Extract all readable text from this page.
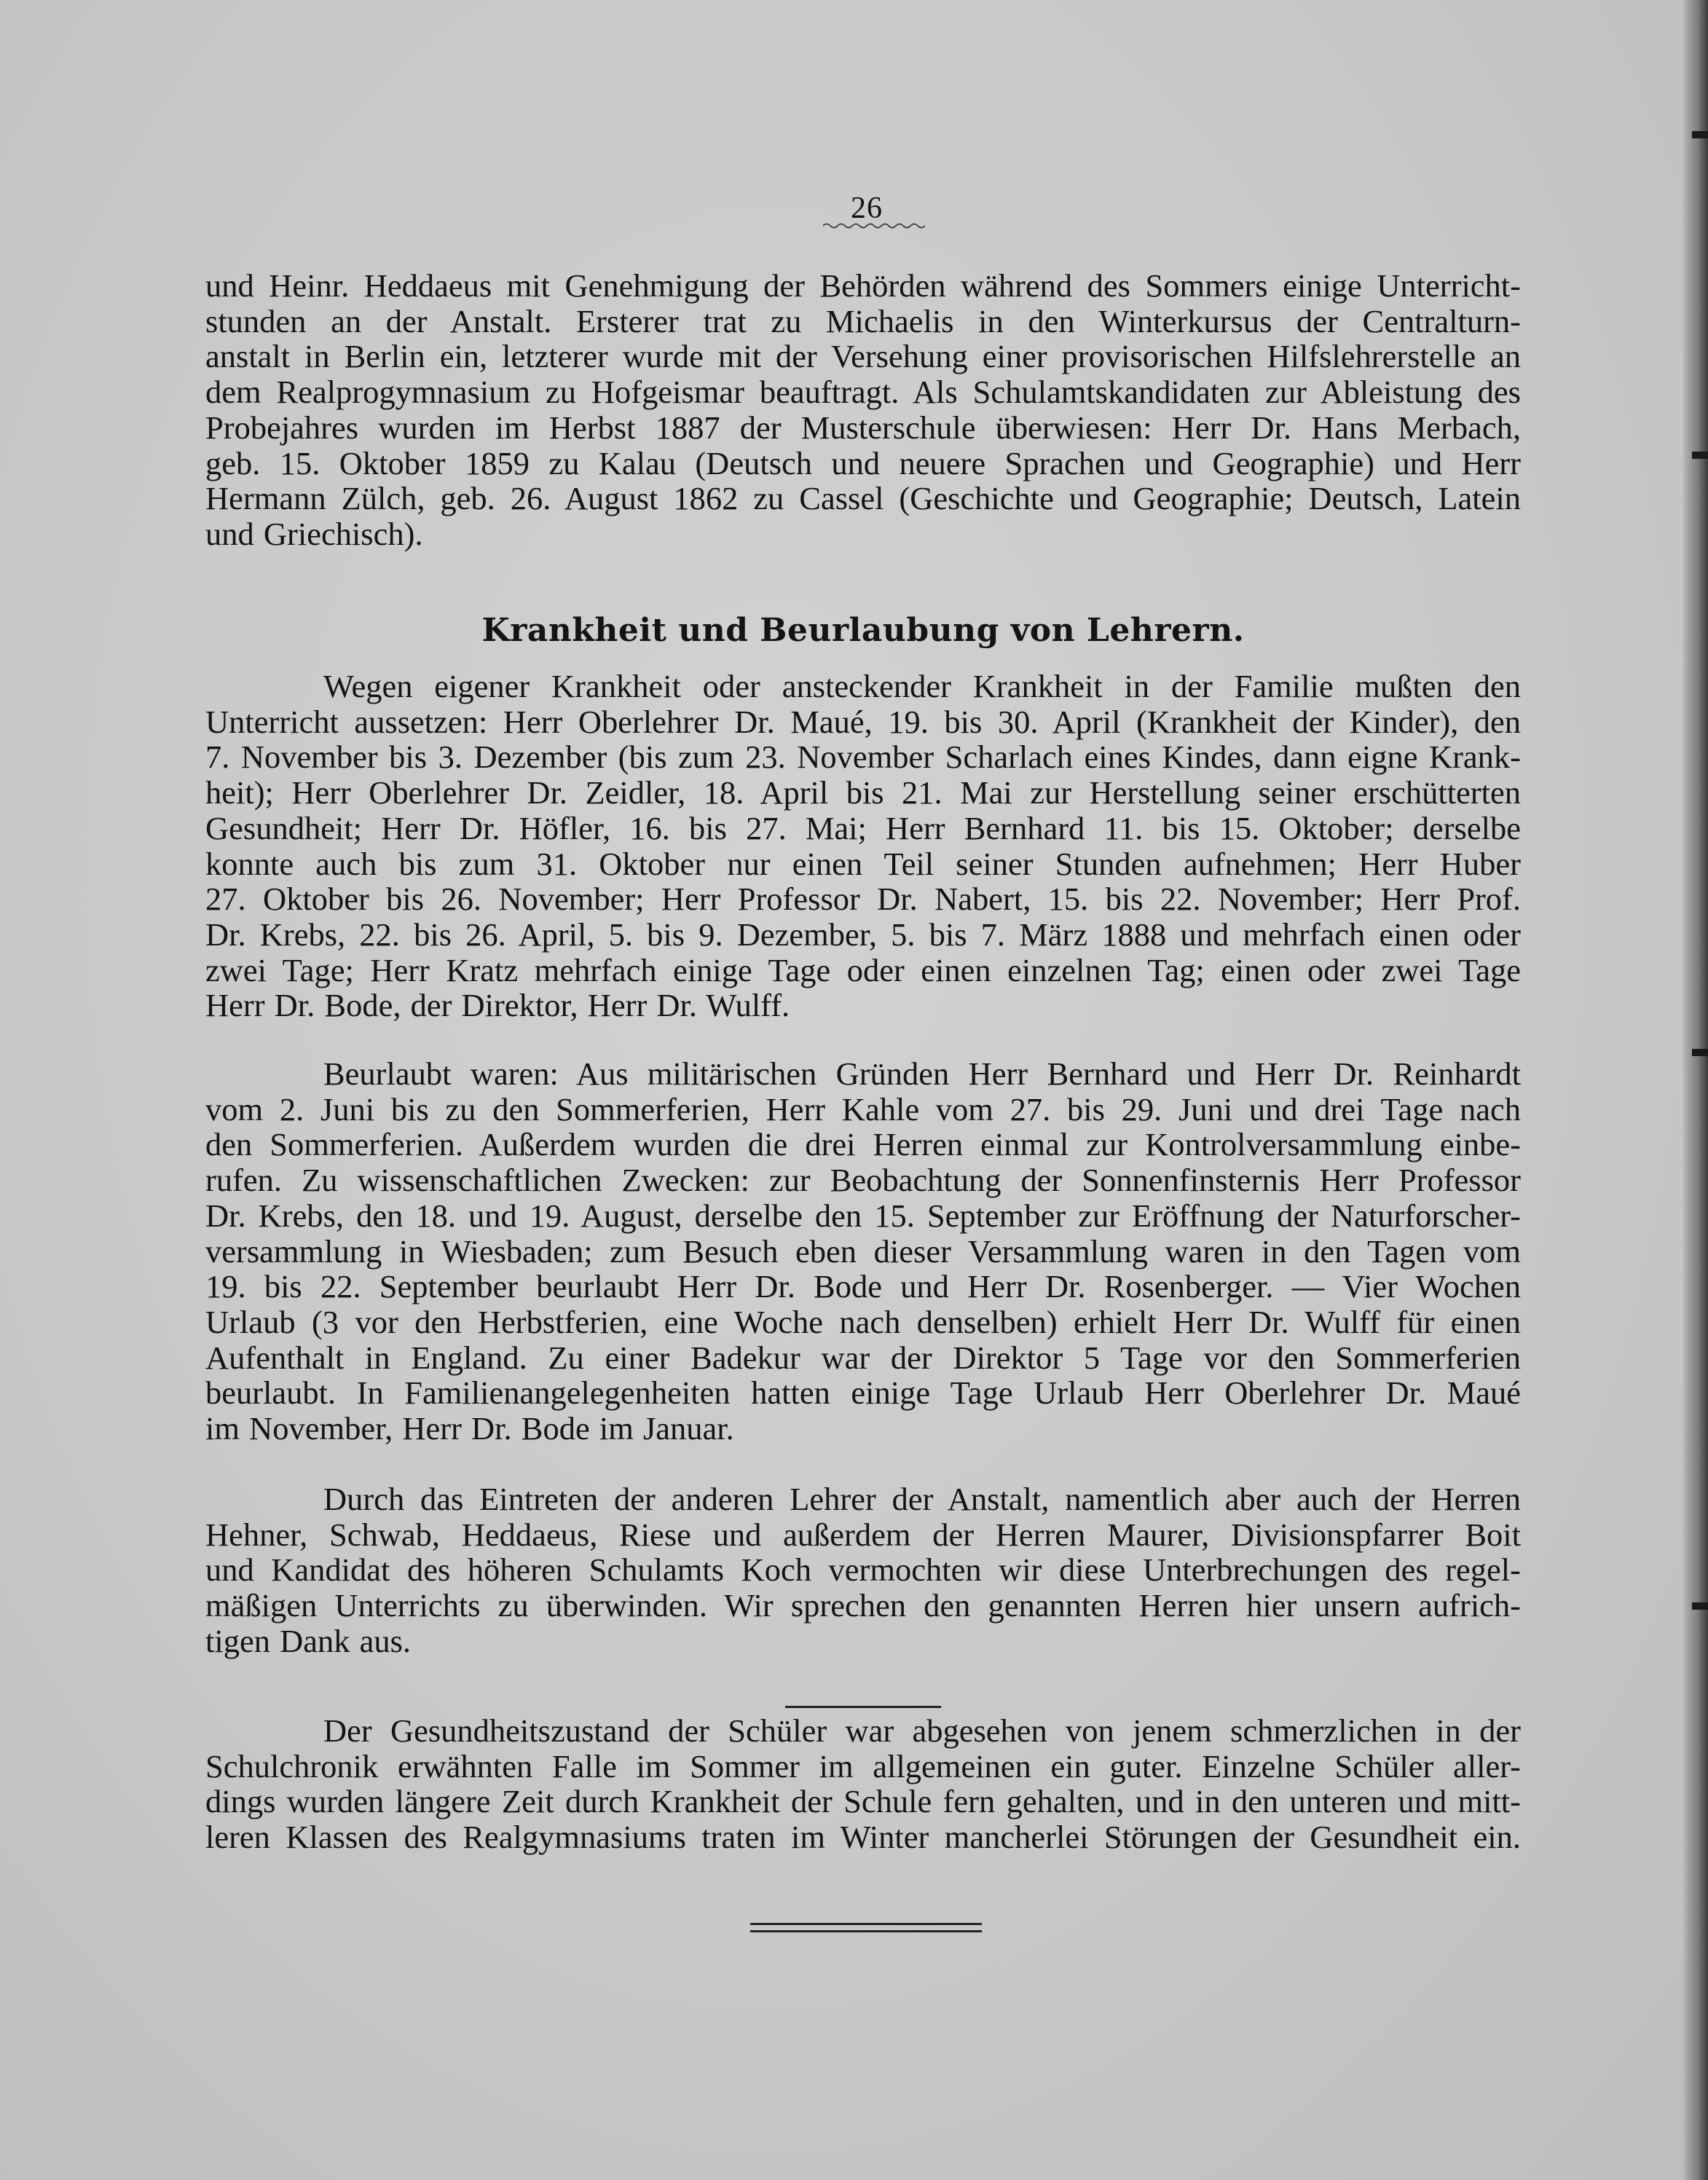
26
und Heinr. Heddaeus mit Genehmigung der Behörden während des Sommers einige Unterricht-
stunden an der Anstalt. Ersterer trat zu Michaelis in den Winterkursus der Centralturn-
anstalt in Berlin ein, letzterer wurde mit der Versehung einer provisorischen Hilfslehrerstelle an
dem Realprogymnasium zu Hofgeismar beauftragt. Als Schulamtskandidaten zur Ableistung des
Probejahres wurden im Herbst 1887 der Musterschule überwiesen: Herr Dr. Hans Merbach,
geb. 15. Oktober 1859 zu Kalau (Deutsch und neuere Sprachen und Geographie) und Herr
Hermann Zülch, geb. 26. August 1862 zu Cassel (Geschichte und Geographie; Deutsch, Latein
und Griechisch).
Krankheit und Beurlaubung von Lehrern.
Wegen eigener Krankheit oder ansteckender Krankheit in der Familie mußten den
Unterricht aussetzen: Herr Oberlehrer Dr. Maué, 19. bis 30. April (Krankheit der Kinder), den
7. November bis 3. Dezember (bis zum 23. November Scharlach eines Kindes, dann eigne Krank-
heit); Herr Oberlehrer Dr. Zeidler, 18. April bis 21. Mai zur Herstellung seiner erschütterten
Gesundheit; Herr Dr. Höfler, 16. bis 27. Mai; Herr Bernhard 11. bis 15. Oktober; derselbe
konnte auch bis zum 31. Oktober nur einen Teil seiner Stunden aufnehmen; Herr Huber
27. Oktober bis 26. November; Herr Professor Dr. Nabert, 15. bis 22. November; Herr Prof.
Dr. Krebs, 22. bis 26. April, 5. bis 9. Dezember, 5. bis 7. März 1888 und mehrfach einen oder
zwei Tage; Herr Kratz mehrfach einige Tage oder einen einzelnen Tag; einen oder zwei Tage
Herr Dr. Bode, der Direktor, Herr Dr. Wulff.
Beurlaubt waren: Aus militärischen Gründen Herr Bernhard und Herr Dr. Reinhardt
vom 2. Juni bis zu den Sommerferien, Herr Kahle vom 27. bis 29. Juni und drei Tage nach
den Sommerferien. Außerdem wurden die drei Herren einmal zur Kontrolversammlung einbe-
rufen. Zu wissenschaftlichen Zwecken: zur Beobachtung der Sonnenfinsternis Herr Professor
Dr. Krebs, den 18. und 19. August, derselbe den 15. September zur Eröffnung der Naturforscher-
versammlung in Wiesbaden; zum Besuch eben dieser Versammlung waren in den Tagen vom
19. bis 22. September beurlaubt Herr Dr. Bode und Herr Dr. Rosenberger. — Vier Wochen
Urlaub (3 vor den Herbstferien, eine Woche nach denselben) erhielt Herr Dr. Wulff für einen
Aufenthalt in England. Zu einer Badekur war der Direktor 5 Tage vor den Sommerferien
beurlaubt. In Familienangelegenheiten hatten einige Tage Urlaub Herr Oberlehrer Dr. Maué
im November, Herr Dr. Bode im Januar.
Durch das Eintreten der anderen Lehrer der Anstalt, namentlich aber auch der Herren
Hehner, Schwab, Heddaeus, Riese und außerdem der Herren Maurer, Divisionspfarrer Boit
und Kandidat des höheren Schulamts Koch vermochten wir diese Unterbrechungen des regel-
mäßigen Unterrichts zu überwinden. Wir sprechen den genannten Herren hier unsern aufrich-
tigen Dank aus.
Der Gesundheitszustand der Schüler war abgesehen von jenem schmerzlichen in der
Schulchronik erwähnten Falle im Sommer im allgemeinen ein guter. Einzelne Schüler aller-
dings wurden längere Zeit durch Krankheit der Schule fern gehalten, und in den unteren und mitt-
leren Klassen des Realgymnasiums traten im Winter mancherlei Störungen der Gesundheit ein.
